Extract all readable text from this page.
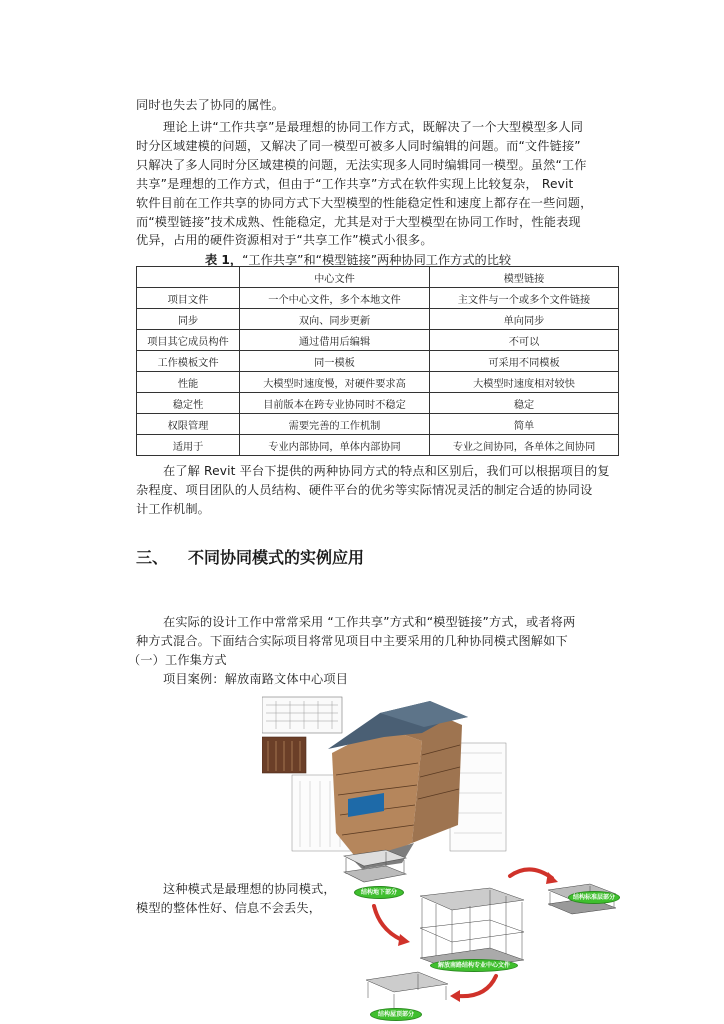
同时也失去了协同的属性。
理论上讲“工作共享”是最理想的协同工作方式，既解决了一个大型模型多人同
时分区域建模的问题，又解决了同一模型可被多人同时编辑的问题。而“文件链接”
只解决了多人同时分区域建模的问题，无法实现多人同时编辑同一模型。虽然“工作
共享”是理想的工作方式，但由于“工作共享”方式在软件实现上比较复杂， Revit
软件目前在工作共享的协同方式下大型模型的性能稳定性和速度上都存在一些问题，
而“模型链接”技术成熟、性能稳定，尤其是对于大型模型在协同工作时，性能表现
优异，占用的硬件资源相对于“共享工作”模式小很多。
表 1，“工作共享”和“模型链接”两种协同工作方式的比较
	中心文件	模型链接
项目文件	一个中心文件，多个本地文件	主文件与一个或多个文件链接
同步	双向、同步更新	单向同步
项目其它成员构件	通过借用后编辑	不可以
工作模板文件	同一模板	可采用不同模板
性能	大模型时速度慢，对硬件要求高	大模型时速度相对较快
稳定性	目前版本在跨专业协同时不稳定	稳定
权限管理	需要完善的工作机制	简单
适用于	专业内部协同，单体内部协同	专业之间协同，各单体之间协同
在了解 Revit 平台下提供的两种协同方式的特点和区别后，我们可以根据项目的复
杂程度、项目团队的人员结构、硬件平台的优劣等实际情况灵活的制定合适的协同设
计工作机制。
三、 不同协同模式的实例应用
在实际的设计工作中常常采用 “工作共享”方式和“模型链接”方式，或者将两
种方式混合。下面结合实际项目将常见项目中主要采用的几种协同模式图解如下
（一）工作集方式
项目案例：解放南路文体中心项目
这种模式是最理想的协同模式，
模型的整体性好、信息不会丢失，
结构地下部分
结构标准层部分
解放南路结构专业中心文件
结构屋顶部分
